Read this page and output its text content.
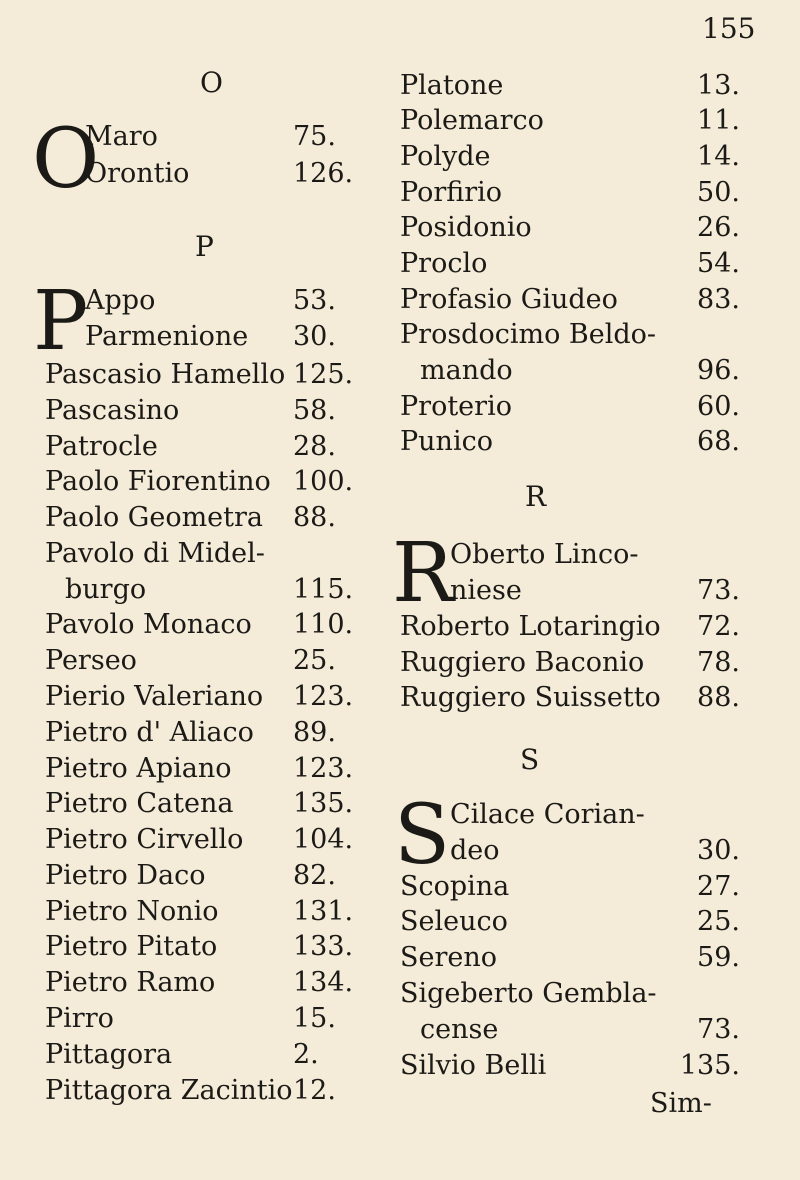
155
O
O
Maro	75.
Orontio	126.
P
P
Appo	53.
Parmenione 30.
Pascasio Hamello 125.
Pascasino	58.
Patrocle	28.
Paolo Fiorentino 100.
Paolo Geometra 88.
Pavolo di Midel-
burgo	115.
Pavolo Monaco 110.
Perseo	25.
Pierio Valeriano 123.
Pietro d' Aliaco 89.
Pietro Apiano 123.
Pietro Catena 135.
Pietro Cirvello 104.
Pietro Daco	82.
Pietro Nonio	131.
Pietro Pitato	133.
Pietro Ramo	134.
Pirro	15.
Pittagora	2.
Pittagora Zacintio 12.
Platone	13.
Polemarco	11.
Polyde	14.
Porfirio	50.
Posidonio	26.
Proclo	54.
Profasio Giudeo	83.
Prosdocimo Beldo-
mando	96.
Proterio	60.
Punico	68.
R
R
Oberto Linco-
niese	73.
Roberto Lotaringio 72.
Ruggiero Baconio 78.
Ruggiero Suissetto 88.
S
S Cilace Corian-
deo	30.
Scopina	27.
Seleuco	25.
Sereno	59.
Sigeberto Gembla-
cense	73.
Silvio Belli	135.
Sim-
